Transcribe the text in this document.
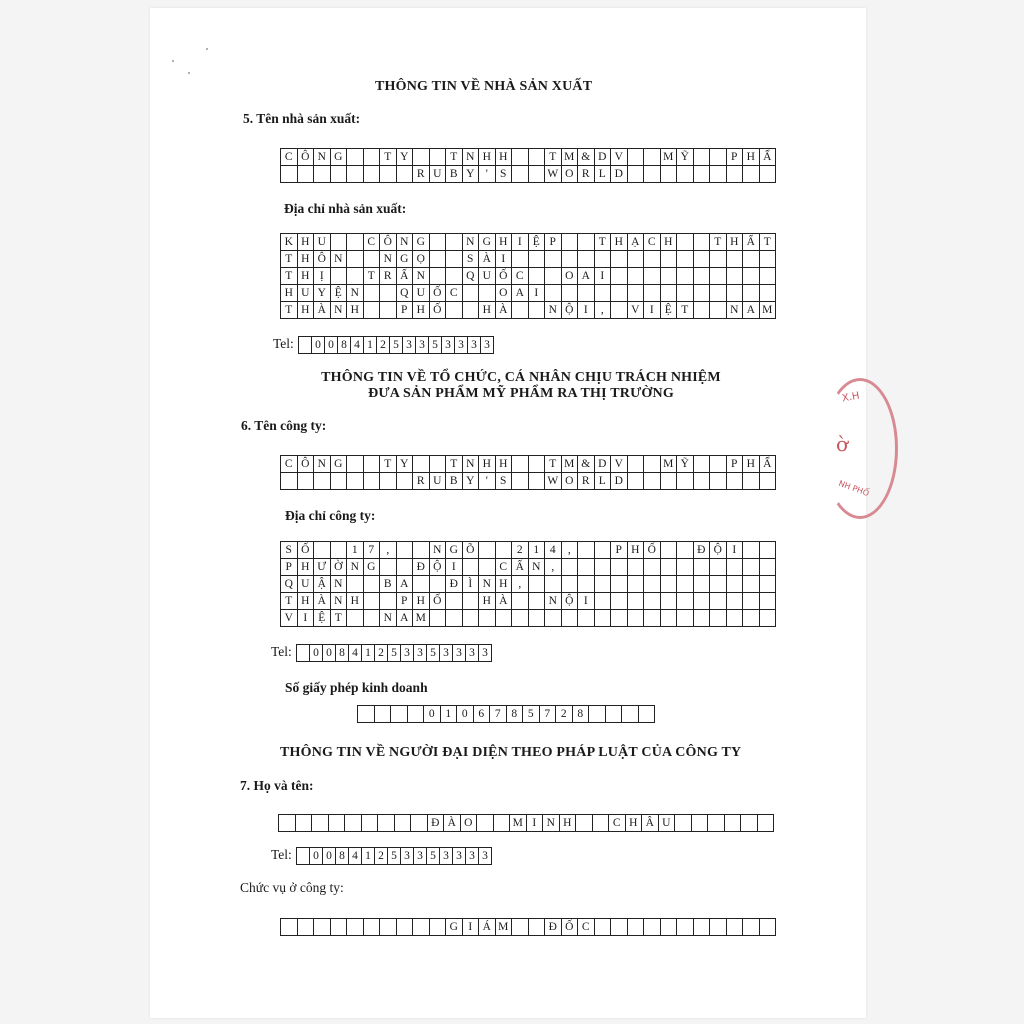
THÔNG TIN VỀ NHÀ SẢN XUẤT
5. Tên nhà sản xuất:
C Ô N G	T Y	T N H H	T M & D V	M Ỹ	P H Ẩ
R U B Y '	S	W O R L D
Địa chỉ nhà sản xuất:
K H U	C Ô N G	N G H I Ệ P	T H Ạ C H	T H Ấ T
T H Ô N	N G Ọ	S À I
T H Ị	T R Ấ N	Q U Ố C	O A I
H U Y Ệ N	Q U Ố C	O A I
T H À N H	P H Ố	H À	N Ộ I	,	V I Ệ T	N A M
Tel:	0 0 8 4 1 2 5 3 3 5 3 3 3 3
THÔNG TIN VỀ TỔ CHỨC, CÁ NHÂN CHỊU TRÁCH NHIỆM
ĐƯA SẢN PHẨM MỸ PHẨM RA THỊ TRƯỜNG
6. Tên công ty:
C Ô N G	T Y	T N H H	T M & D V	M Ỹ	P H Ẩ
R U B Y '	S	W O R L D
Địa chỉ công ty:
S Ố	1 7	,	N G Õ	2 1 4	,	P H Ố	Đ Ộ I
P H Ư Ờ N G	Đ Ộ I	C Ấ N ,
Q U Ậ N	B A	Đ Ì N H ,
T H À N H	P H Ố	H À	N Ộ I
V I Ệ T	N A M
Tel:	0 0 8 4 1 2 5 3 3 5 3 3 3 3
Số giấy phép kinh doanh
0 1 0 6 7 8 5 7 2 8
THÔNG TIN VỀ NGƯỜI ĐẠI DIỆN THEO PHÁP LUẬT CỦA CÔNG TY
7. Họ và tên:
Đ À O	M I N H	C H Â U
Tel:	0 0 8 4 1 2 5 3 3 5 3 3 3 3
Chức vụ ở công ty:
G I Á M	Đ Ố C
X.H
ờ
NH PHỐ
